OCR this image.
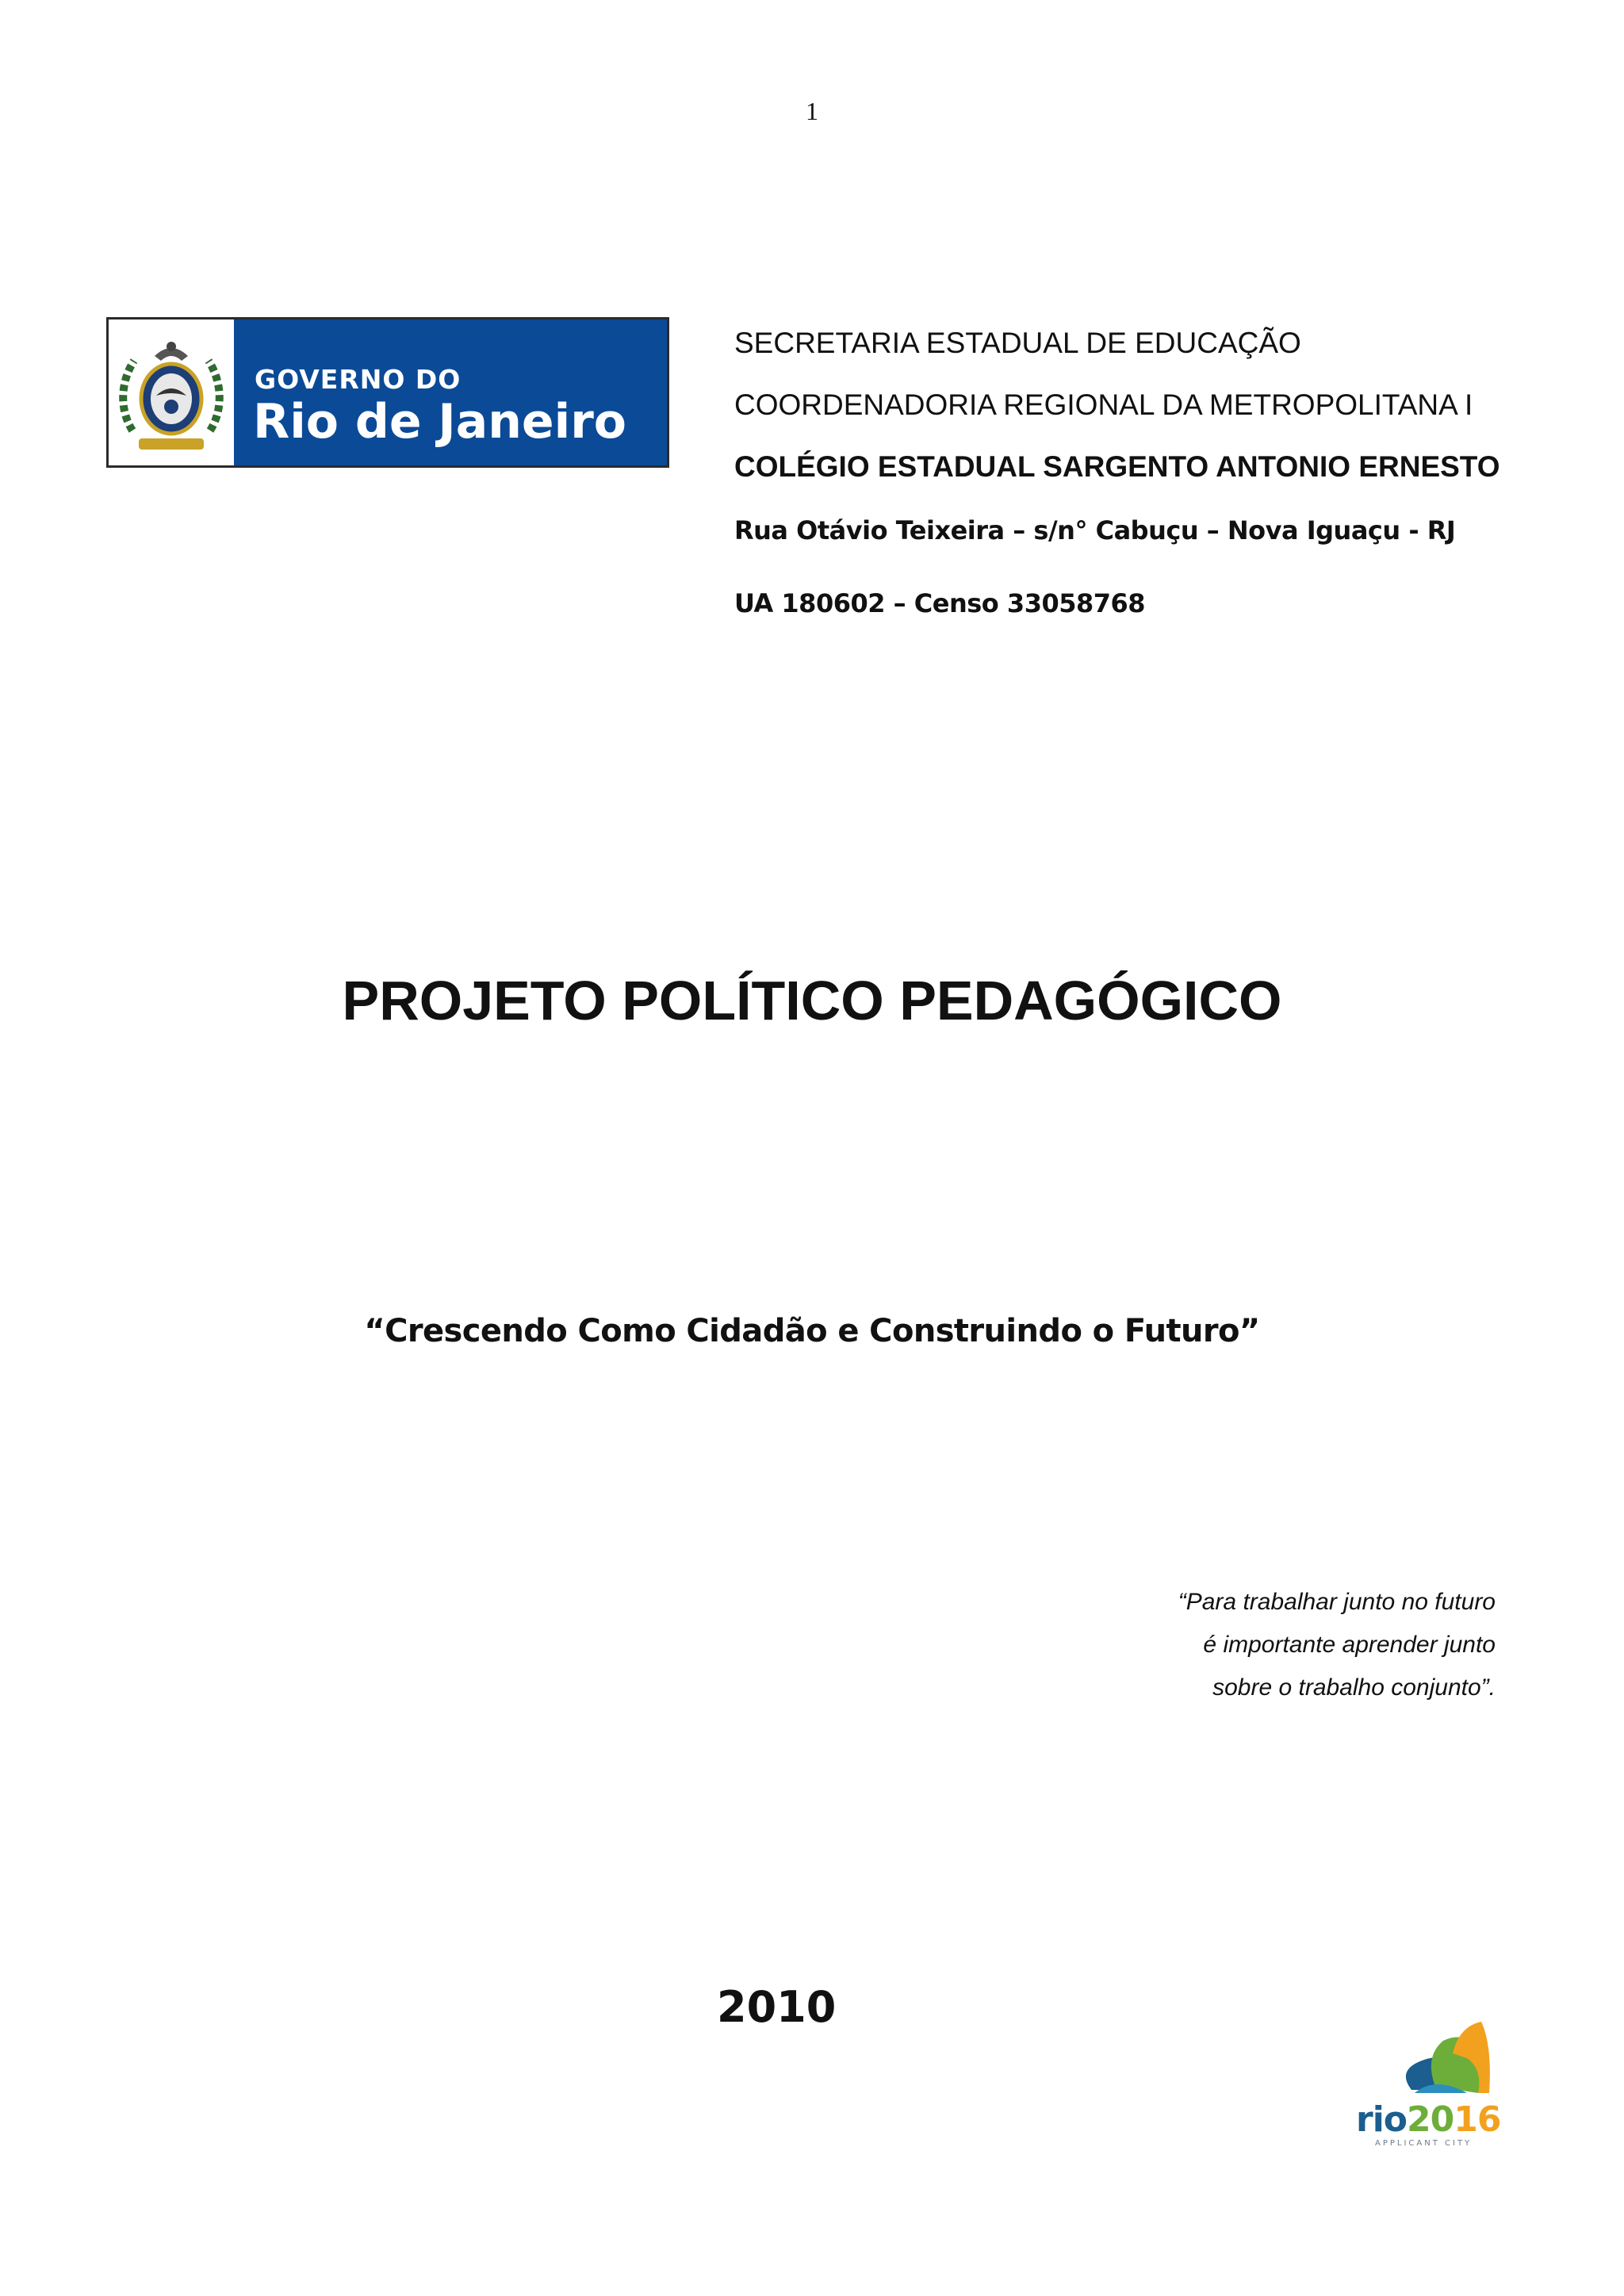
1
GOVERNO DO
Rio de Janeiro
SECRETARIA ESTADUAL DE EDUCAÇÃO
COORDENADORIA REGIONAL DA METROPOLITANA I
COLÉGIO ESTADUAL SARGENTO ANTONIO ERNESTO
Rua Otávio Teixeira – s/n° Cabuçu – Nova Iguaçu - RJ
UA 180602 – Censo 33058768
PROJETO POLÍTICO PEDAGÓGICO
“Crescendo Como Cidadão e Construindo o Futuro”
“Para trabalhar junto no futuro
é importante aprender junto
sobre o trabalho conjunto”.
2010
rio2016
APPLICANT CITY
